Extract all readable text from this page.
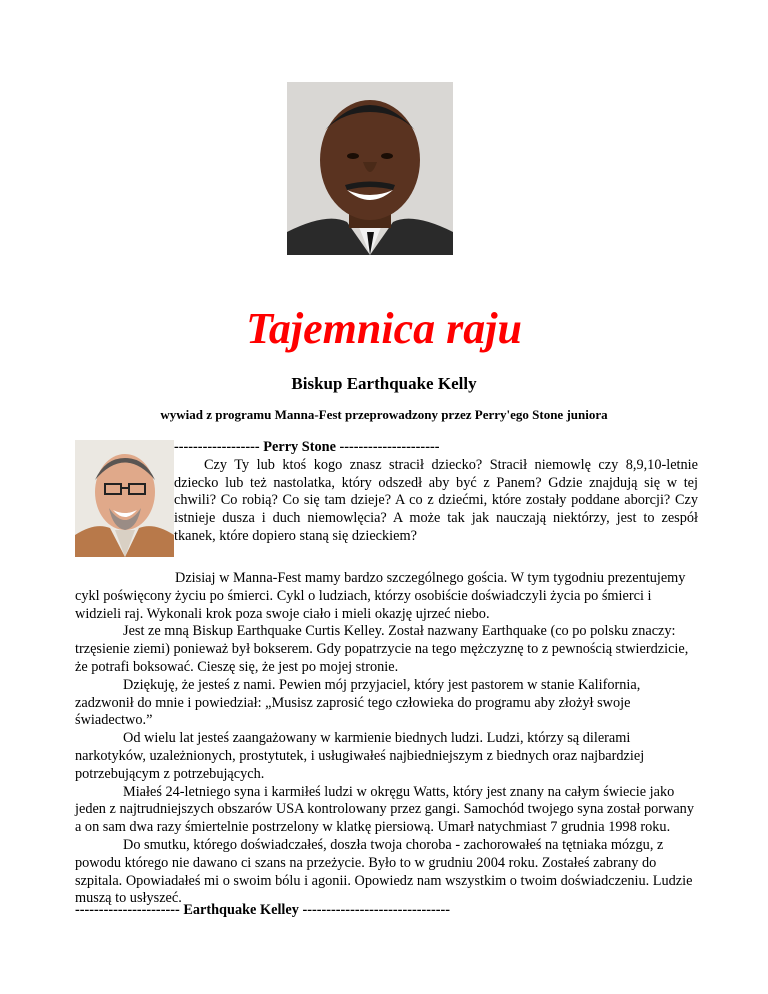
Tajemnica raju
Biskup Earthquake Kelly
wywiad z programu Manna-Fest przeprowadzony przez Perry'ego Stone juniora

------------------ Perry Stone ---------------------

Czy Ty lub ktoś kogo znasz stracił dziecko? Stracił niemowlę czy 8,9,10-letnie dziecko lub też nastolatka, który odszedł aby być z Panem? Gdzie znajdują się w tej chwili? Co robią? Co się tam dzieje? A co z dziećmi, które zostały poddane aborcji? Czy istnieje dusza i duch niemowlęcia? A może tak jak nauczają niektórzy, jest to zespół tkanek, które dopiero staną się dzieckiem?

Dzisiaj w Manna-Fest mamy bardzo szczególnego gościa. W tym tygodniu prezentujemy cykl poświęcony życiu po śmierci. Cykl o ludziach, którzy osobiście doświadczyli życia po śmierci i widzieli raj. Wykonali krok poza swoje ciało i mieli okazję ujrzeć niebo.

Jest ze mną Biskup Earthquake Curtis Kelley. Został nazwany Earthquake (co po polsku znaczy: trzęsienie ziemi) ponieważ był bokserem. Gdy popatrzycie na tego mężczyznę to z pewnością stwierdzicie, że potrafi boksować. Cieszę się, że jest po mojej stronie.

Dziękuję, że jesteś z nami. Pewien mój przyjaciel, który jest pastorem w stanie Kalifornia, zadzwonił do mnie i powiedział: „Musisz zaprosić tego człowieka do programu aby złożył swoje świadectwo.”

Od wielu lat jesteś zaangażowany w karmienie biednych ludzi. Ludzi, którzy są dilerami narkotyków, uzależnionych, prostytutek, i usługiwałeś najbiedniejszym z biednych oraz najbardziej potrzebującym z potrzebujących.

Miałeś 24-letniego syna i karmiłeś ludzi w okręgu Watts, który jest znany na całym świecie jako jeden z najtrudniejszych obszarów USA kontrolowany przez gangi. Samochód twojego syna został porwany a on sam dwa razy śmiertelnie postrzelony w klatkę piersiową. Umarł natychmiast 7 grudnia 1998 roku.

Do smutku, którego doświadczałeś, doszła twoja choroba - zachorowałeś na tętniaka mózgu, z powodu którego nie dawano ci szans na przeżycie. Było to w grudniu 2004 roku. Zostałeś zabrany do szpitala. Opowiadałeś mi o swoim bólu i agonii. Opowiedz nam wszystkim o twoim doświadczeniu. Ludzie muszą to usłyszeć.

---------------------- Earthquake Kelley -------------------------------
